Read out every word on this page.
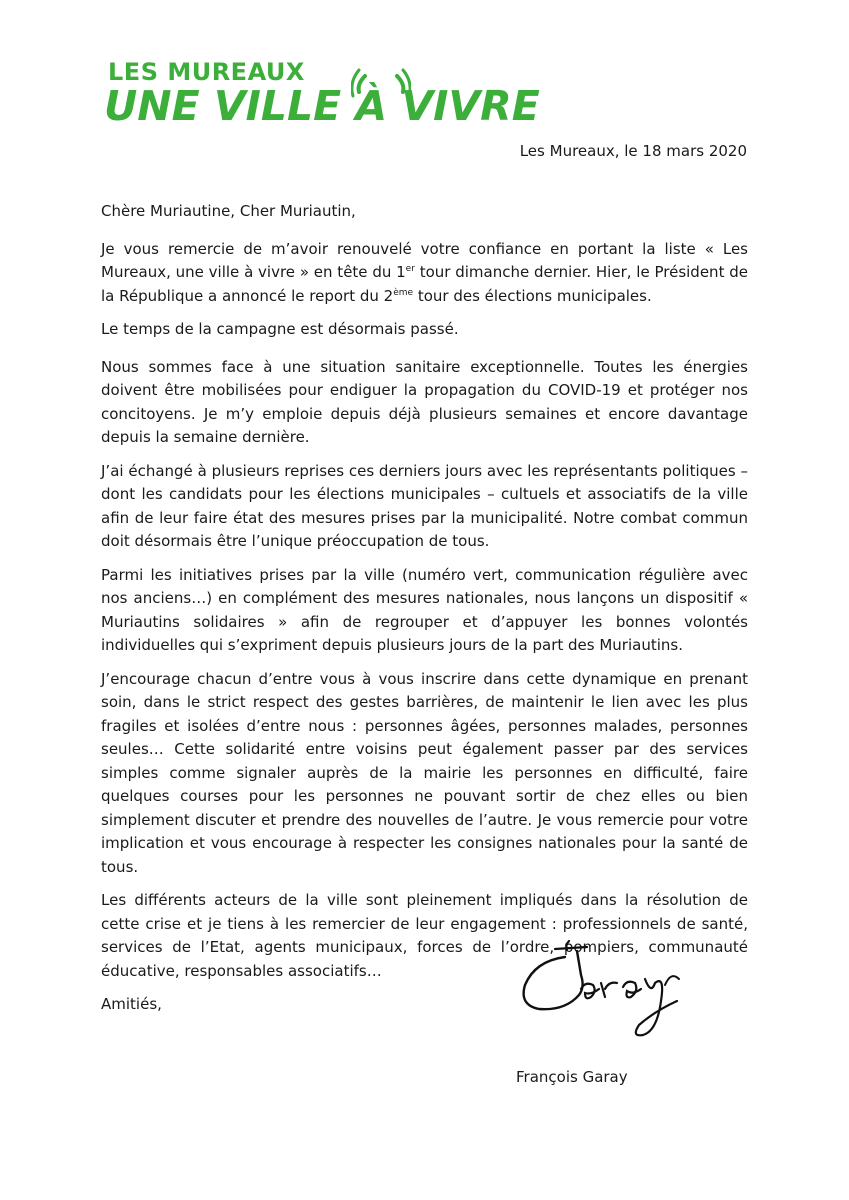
LES MUREAUX
UNE VILLE À VIVRE
Les Mureaux, le 18 mars 2020

Chère Muriautine, Cher Muriautin,

Je vous remercie de m’avoir renouvelé votre confiance en portant la liste « Les Mureaux, une ville à vivre » en tête du 1er tour dimanche dernier. Hier, le Président de la République a annoncé le report du 2ème tour des élections municipales.

Le temps de la campagne est désormais passé.

Nous sommes face à une situation sanitaire exceptionnelle. Toutes les énergies doivent être mobilisées pour endiguer la propagation du COVID-19 et protéger nos concitoyens. Je m’y emploie depuis déjà plusieurs semaines et encore davantage depuis la semaine dernière.

J’ai échangé à plusieurs reprises ces derniers jours avec les représentants politiques – dont les candidats pour les élections municipales – cultuels et associatifs de la ville afin de leur faire état des mesures prises par la municipalité. Notre combat commun doit désormais être l’unique préoccupation de tous.

Parmi les initiatives prises par la ville (numéro vert, communication régulière avec nos anciens…) en complément des mesures nationales, nous lançons un dispositif « Muriautins solidaires » afin de regrouper et d’appuyer les bonnes volontés individuelles qui s’expriment depuis plusieurs jours de la part des Muriautins.

J’encourage chacun d’entre vous à vous inscrire dans cette dynamique en prenant soin, dans le strict respect des gestes barrières, de maintenir le lien avec les plus fragiles et isolées d’entre nous : personnes âgées, personnes malades, personnes seules… Cette solidarité entre voisins peut également passer par des services simples comme signaler auprès de la mairie les personnes en difficulté, faire quelques courses pour les personnes ne pouvant sortir de chez elles ou bien simplement discuter et prendre des nouvelles de l’autre. Je vous remercie pour votre implication et vous encourage à respecter les consignes nationales pour la santé de tous.

Les différents acteurs de la ville sont pleinement impliqués dans la résolution de cette crise et je tiens à les remercier de leur engagement : professionnels de santé, services de l’Etat, agents municipaux, forces de l’ordre, pompiers, communauté éducative, responsables associatifs…

Amitiés,

François Garay
